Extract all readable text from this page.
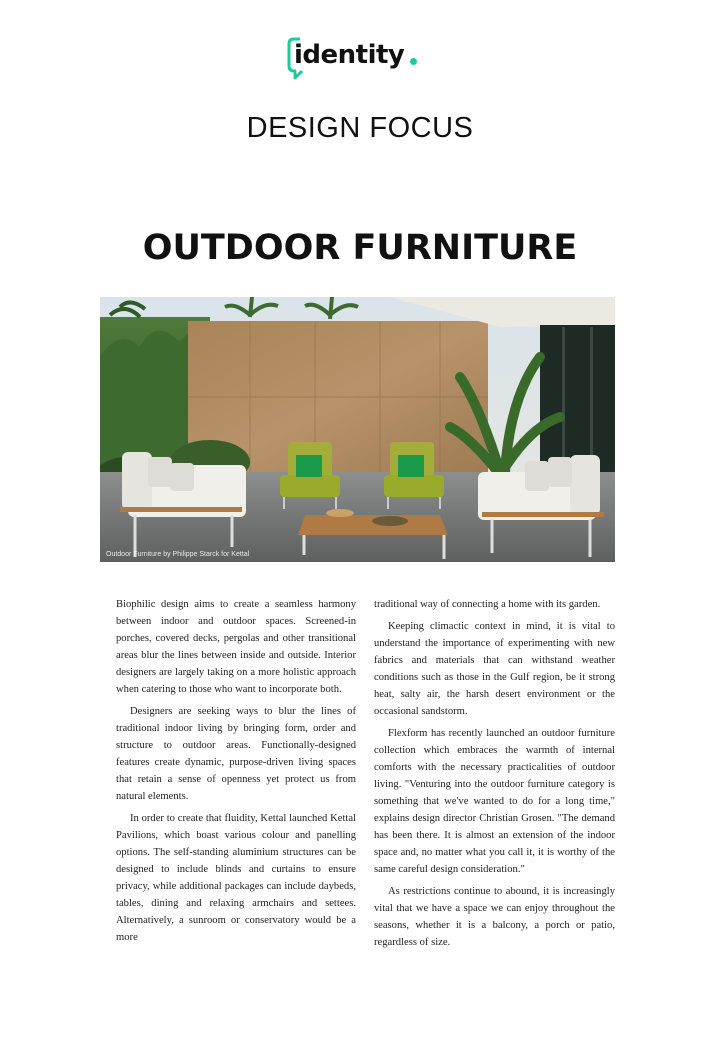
identity
DESIGN FOCUS
OUTDOOR FURNITURE
Outdoor Furniture by Philippe Starck for Kettal

Biophilic design aims to create a seamless harmony between indoor and outdoor spaces. Screened-in porches, covered decks, pergolas and other transitional areas blur the lines between inside and outside. Interior designers are largely taking on a more holistic approach when catering to those who want to incorporate both.

Designers are seeking ways to blur the lines of traditional indoor living by bringing form, order and structure to outdoor areas. Functionally-designed features create dynamic, purpose-driven living spaces that retain a sense of openness yet protect us from natural elements.

In order to create that fluidity, Kettal launched Kettal Pavilions, which boast various colour and panelling options. The self-standing aluminium structures can be designed to include blinds and curtains to ensure privacy, while additional packages can include daybeds, tables, dining and relaxing armchairs and settees. Alternatively, a sunroom or conservatory would be a more

traditional way of connecting a home with its garden.

Keeping climactic context in mind, it is vital to understand the importance of experimenting with new fabrics and materials that can withstand weather conditions such as those in the Gulf region, be it strong heat, salty air, the harsh desert environment or the occasional sandstorm.

Flexform has recently launched an outdoor furniture collection which embraces the warmth of internal comforts with the necessary practicalities of outdoor living. "Venturing into the outdoor furniture category is something that we've wanted to do for a long time," explains design director Christian Grosen. "The demand has been there. It is almost an extension of the indoor space and, no matter what you call it, it is worthy of the same careful design consideration."

As restrictions continue to abound, it is increasingly vital that we have a space we can enjoy throughout the seasons, whether it is a balcony, a porch or patio, regardless of size.
